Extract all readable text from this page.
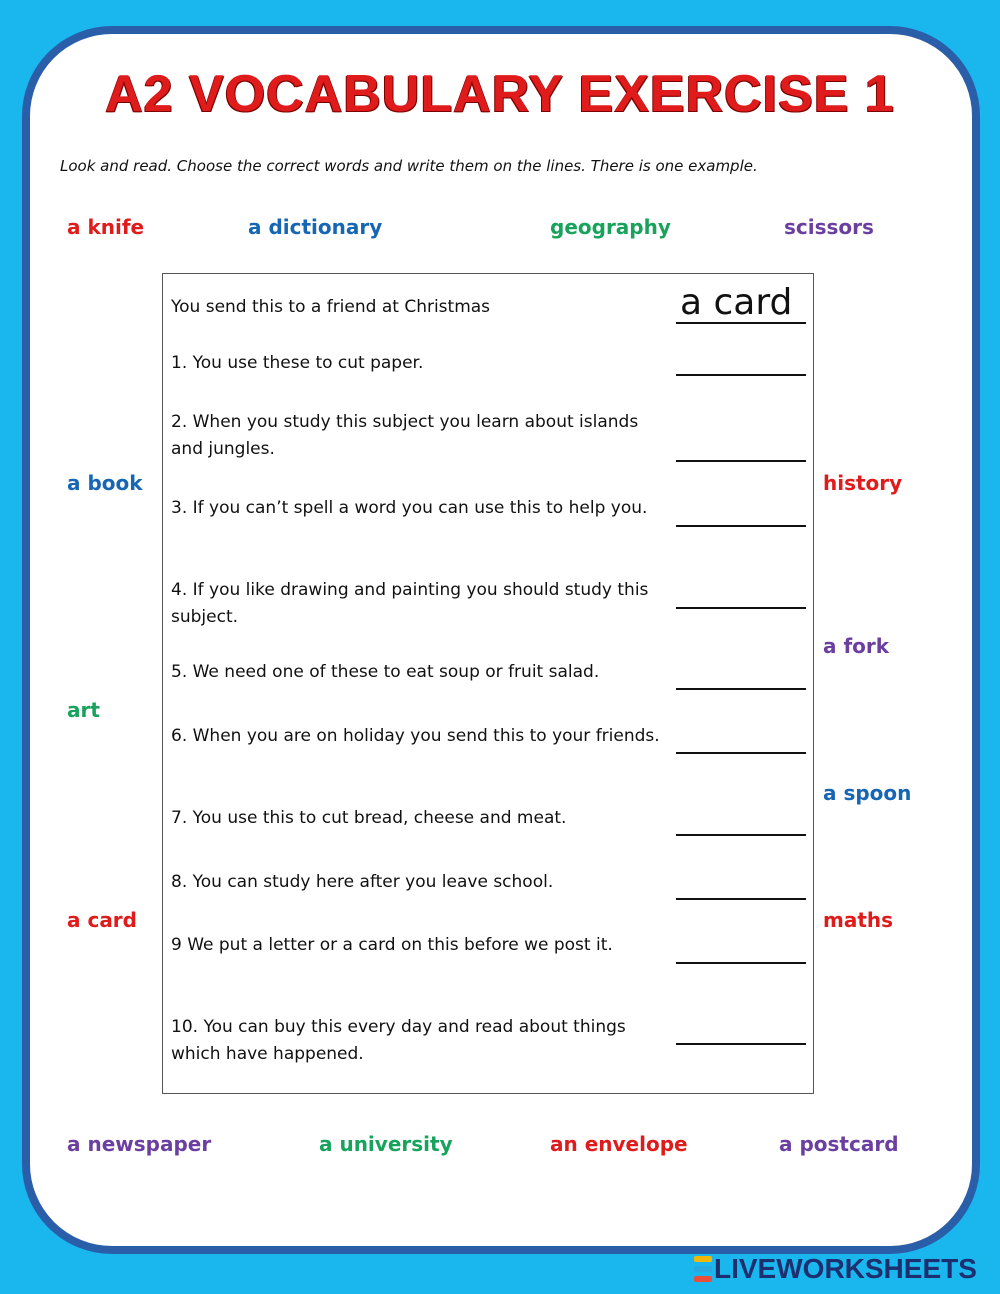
A2 VOCABULARY EXERCISE 1
Look and read. Choose the correct words and write them on the lines. There is one example.
a knife	a dictionary	geography	scissors
a book	history
a fork
art
a spoon
a card	maths
a newspaper	a university	an envelope	a postcard
You send this to a friend at Christmas	a card
1. You use these to cut paper.
2. When you study this subject you learn about islands and jungles.
3. If you can’t spell a word you can use this to help you.
4. If you like drawing and painting you should study this subject.
5. We need one of these to eat soup or fruit salad.
6. When you are on holiday you send this to your friends.
7. You use this to cut bread, cheese and meat.
8. You can study here after you leave school.
9 We put a letter or a card on this before we post it.
10. You can buy this every day and read about things which have happened.
LIVEWORKSHEETS
